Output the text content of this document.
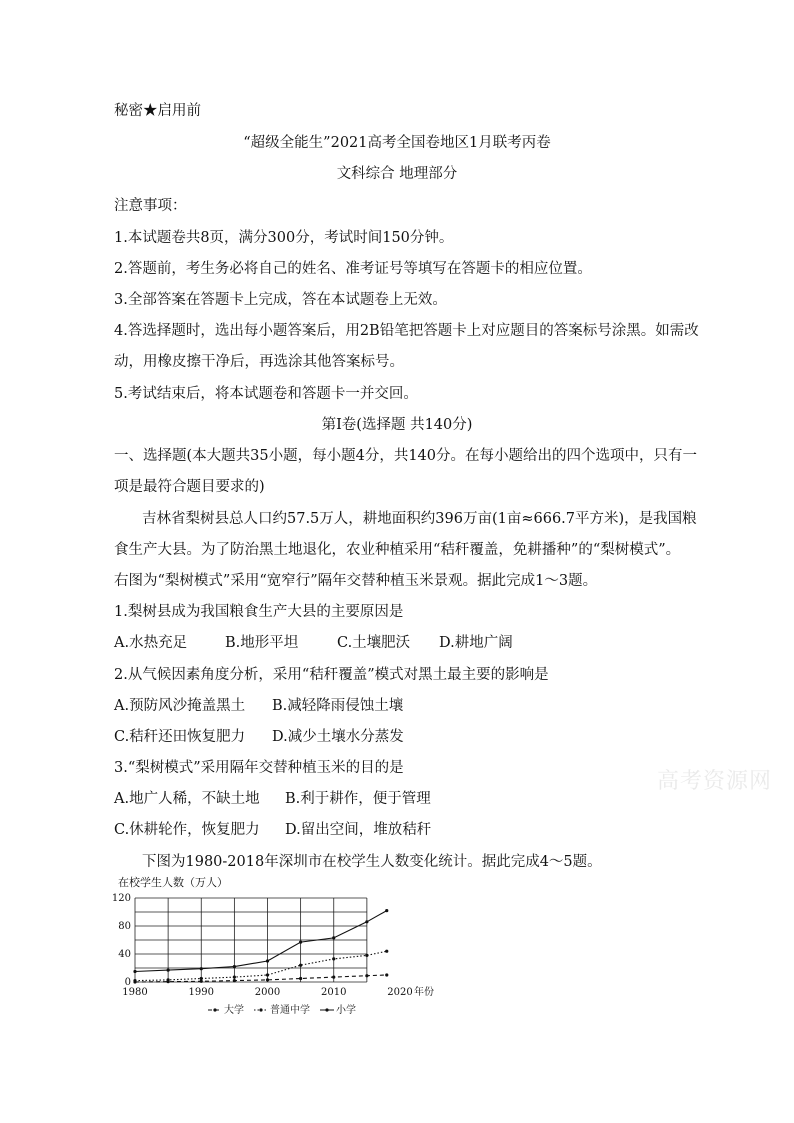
秘密★启用前
“超级全能生”2021高考全国卷地区1月联考丙卷
文科综合 地理部分
注意事项：
1.本试题卷共8页，满分300分，考试时间150分钟。
2.答题前，考生务必将自己的姓名、准考证号等填写在答题卡的相应位置。
3.全部答案在答题卡上完成，答在本试题卷上无效。
4.答选择题时，选出每小题答案后，用2B铅笔把答题卡上对应题目的答案标号涂黑。如需改
动，用橡皮擦干净后，再选涂其他答案标号。
5.考试结束后，将本试题卷和答题卡一并交回。
第I卷(选择题 共140分)
一、选择题(本大题共35小题，每小题4分，共140分。在每小题给出的四个选项中，只有一
项是最符合题目要求的)
吉林省梨树县总人口约57.5万人，耕地面积约396万亩(1亩≈666.7平方米)，是我国粮
食生产大县。为了防治黑土地退化，农业种植采用“秸秆覆盖，免耕播种”的“梨树模式”。
右图为“梨树模式”采用“宽窄行”隔年交替种植玉米景观。据此完成1～3题。
1.梨树县成为我国粮食生产大县的主要原因是
A.水热充足	B.地形平坦	C.土壤肥沃 D.耕地广阔
2.从气候因素角度分析，采用“秸秆覆盖”模式对黑土最主要的影响是
A.预防风沙掩盖黑土 B.减轻降雨侵蚀土壤
C.秸秆还田恢复肥力 D.减少土壤水分蒸发
3.“梨树模式”采用隔年交替种植玉米的目的是
A.地广人稀，不缺土地 B.利于耕作，便于管理
C.休耕轮作，恢复肥力 D.留出空间，堆放秸秆
下图为1980-2018年深圳市在校学生人数变化统计。据此完成4～5题。
高考资源网
在校学生人数（万人）
0
40
80
120
1980	1990	2000	2010	2020 年份
大学	普通中学	小学
